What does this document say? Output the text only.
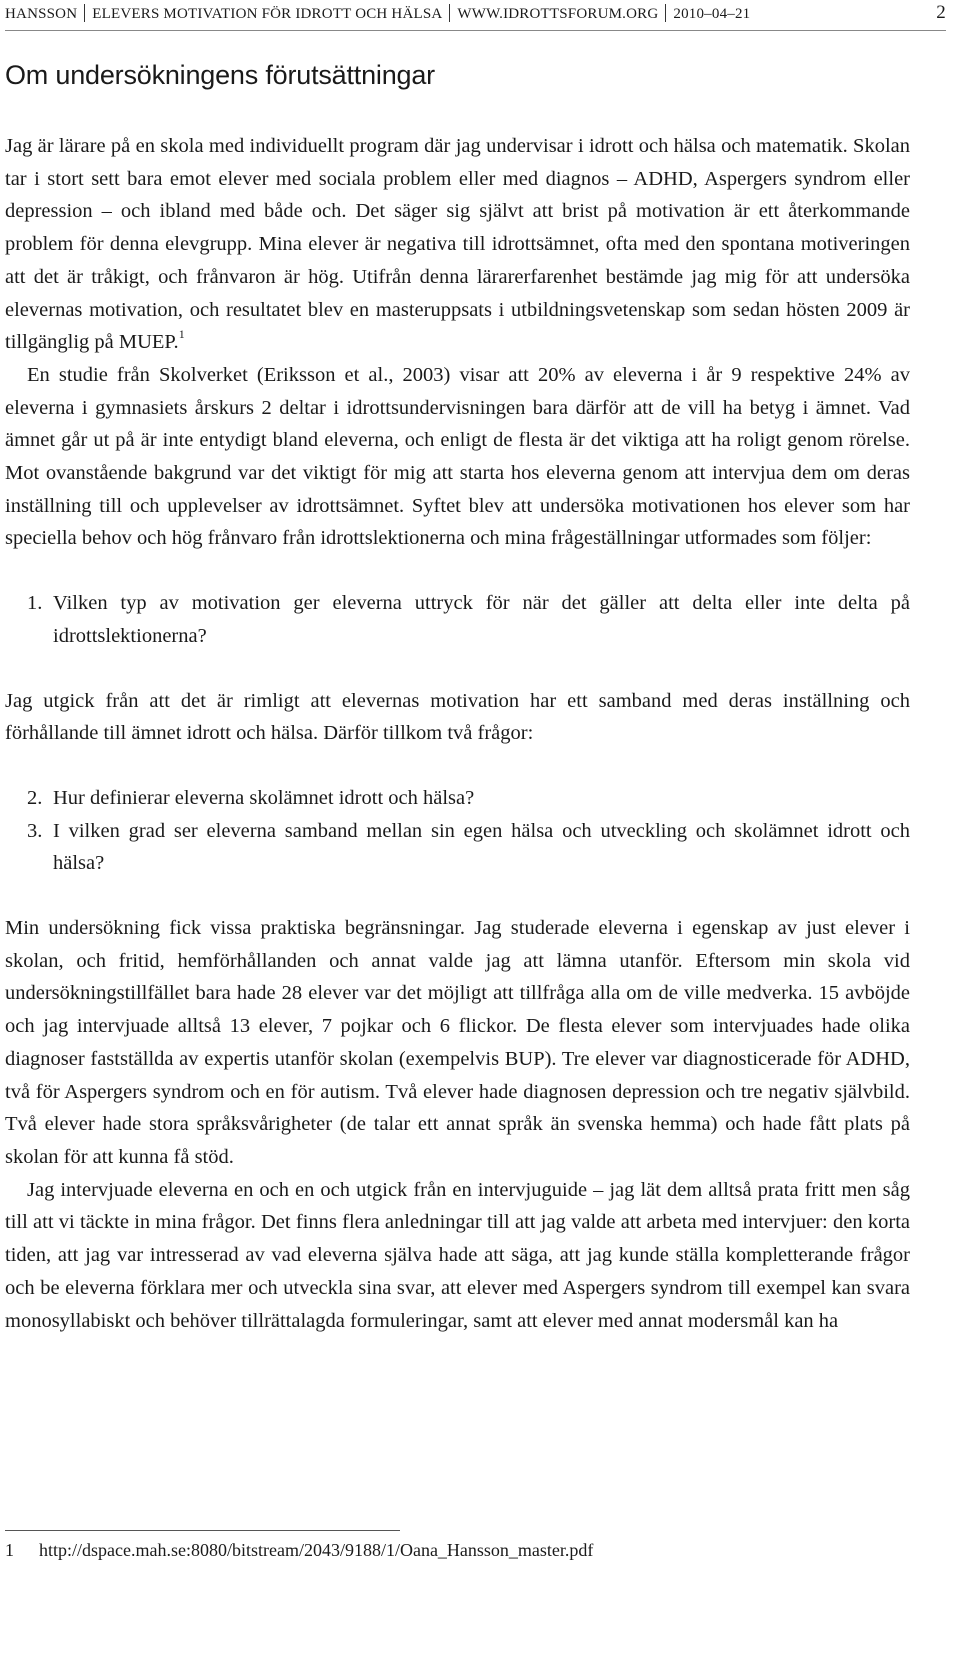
HANSSON ELEVERS MOTIVATION FÖR IDROTT OCH HÄLSA WWW.IDROTTSFORUM.ORG 2010–04–21	2
Om undersökningens förutsättningar

Jag är lärare på en skola med individuellt program där jag undervisar i idrott och hälsa och matematik. Skolan tar i stort sett bara emot elever med sociala problem eller med diagnos – ADHD, Aspergers syndrom eller depression – och ibland med både och. Det säger sig självt att brist på motivation är ett återkommande problem för denna elevgrupp. Mina elever är negativa till idrottsämnet, ofta med den spontana motiveringen att det är tråkigt, och frånvaron är hög. Utifrån denna lärarerfarenhet bestämde jag mig för att undersöka elevernas motivation, och resultatet blev en masteruppsats i utbildningsvetenskap som sedan hösten 2009 är tillgänglig på MUEP.$^1$

En studie från Skolverket (Eriksson et al., 2003) visar att 20% av eleverna i år 9 respektive 24% av eleverna i gymnasiets årskurs 2 deltar i idrottsundervisningen bara därför att de vill ha betyg i ämnet. Vad ämnet går ut på är inte entydigt bland eleverna, och enligt de flesta är det viktiga att ha roligt genom rörelse. Mot ovanstående bakgrund var det viktigt för mig att starta hos eleverna genom att intervjua dem om deras inställning till och upplevelser av idrottsämnet. Syftet blev att undersöka motivationen hos elever som har speciella behov och hög frånvaro från idrottslektionerna och mina frågeställningar utformades som följer:

1. Vilken typ av motivation ger eleverna uttryck för när det gäller att delta eller inte delta på idrottslektionerna?

Jag utgick från att det är rimligt att elevernas motivation har ett samband med deras inställning och förhållande till ämnet idrott och hälsa. Därför tillkom två frågor:

2. Hur definierar eleverna skolämnet idrott och hälsa?
3. I vilken grad ser eleverna samband mellan sin egen hälsa och utveckling och skolämnet idrott och hälsa?

Min undersökning fick vissa praktiska begränsningar. Jag studerade eleverna i egenskap av just elever i skolan, och fritid, hemförhållanden och annat valde jag att lämna utanför. Eftersom min skola vid undersökningstillfället bara hade 28 elever var det möjligt att tillfråga alla om de ville medverka. 15 avböjde och jag intervjuade alltså 13 elever, 7 pojkar och 6 flickor. De flesta elever som intervjuades hade olika diagnoser fastställda av expertis utanför skolan (exempelvis BUP). Tre elever var diagnosticerade för ADHD, två för Aspergers syndrom och en för autism. Två elever hade diagnosen depression och tre negativ självbild. Två elever hade stora språksvårigheter (de talar ett annat språk än svenska hemma) och hade fått plats på skolan för att kunna få stöd.

Jag intervjuade eleverna en och en och utgick från en intervjuguide – jag lät dem alltså prata fritt men såg till att vi täckte in mina frågor. Det finns flera anledningar till att jag valde att arbeta med intervjuer: den korta tiden, att jag var intresserad av vad eleverna själva hade att säga, att jag kunde ställa kompletterande frågor och be eleverna förklara mer och utveckla sina svar, att elever med Aspergers syndrom till exempel kan svara monosyllabiskt och behöver tillrättalagda formuleringar, samt att elever med annat modersmål kan ha

1 http://dspace.mah.se:8080/bitstream/2043/9188/1/Oana_Hansson_master.pdf
